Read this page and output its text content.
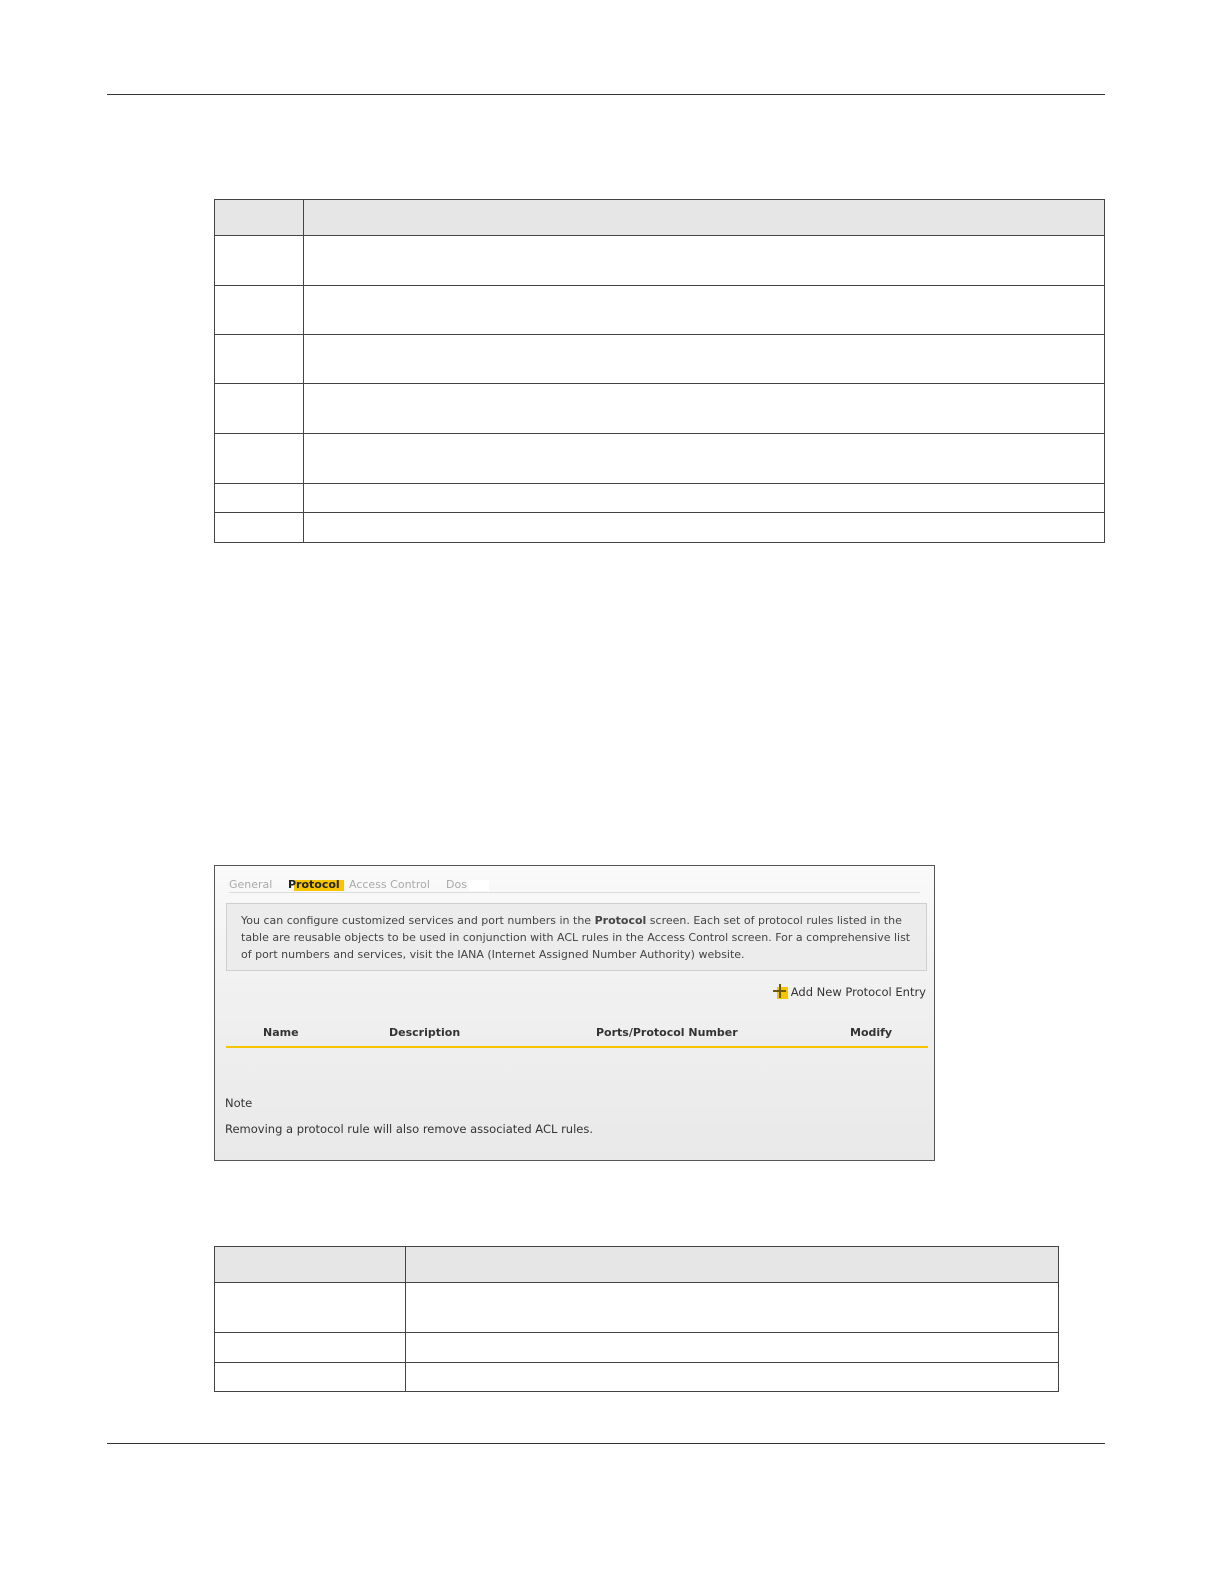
General Protocol Access Control Dos
You can configure customized services and port numbers in the Protocol screen. Each set of protocol rules listed in the
table are reusable objects to be used in conjunction with ACL rules in the Access Control screen. For a comprehensive list
of port numbers and services, visit the IANA (Internet Assigned Number Authority) website.
Add New Protocol Entry
Name	Description	Ports/Protocol Number	Modify
Note
Removing a protocol rule will also remove associated ACL rules.
